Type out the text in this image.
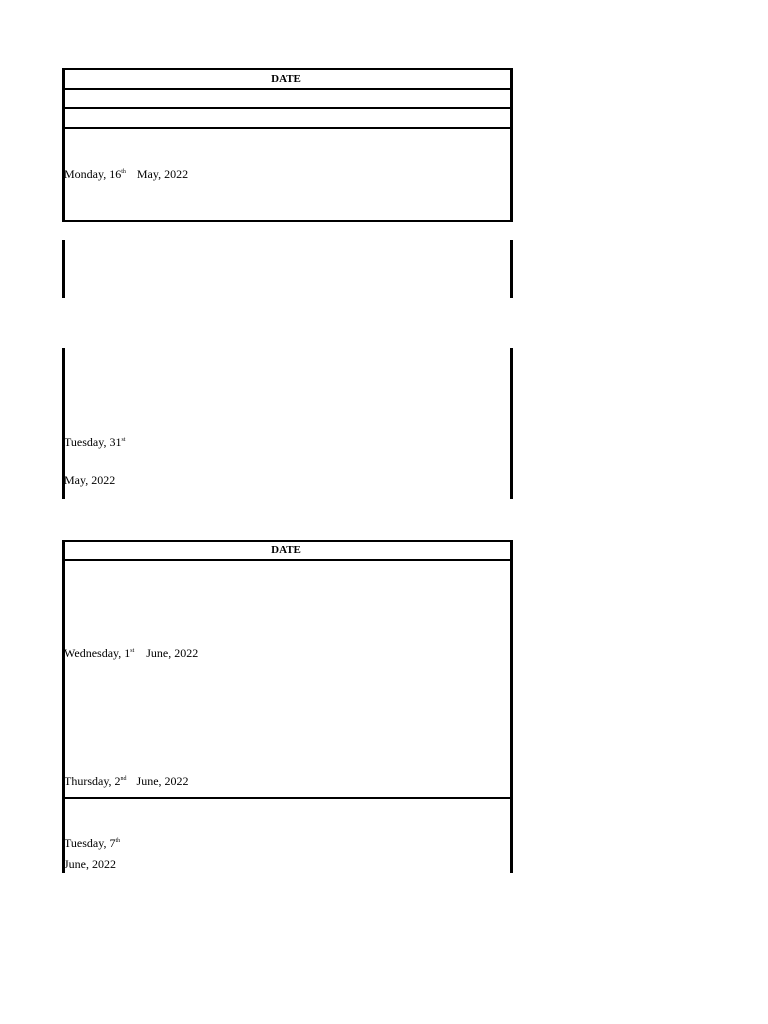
DATE
Monday, 16th May, 2022
Tuesday, 31st
May, 2022
DATE
Wednesday, 1st June, 2022
Thursday, 2nd June, 2022
Tuesday, 7th
June, 2022
